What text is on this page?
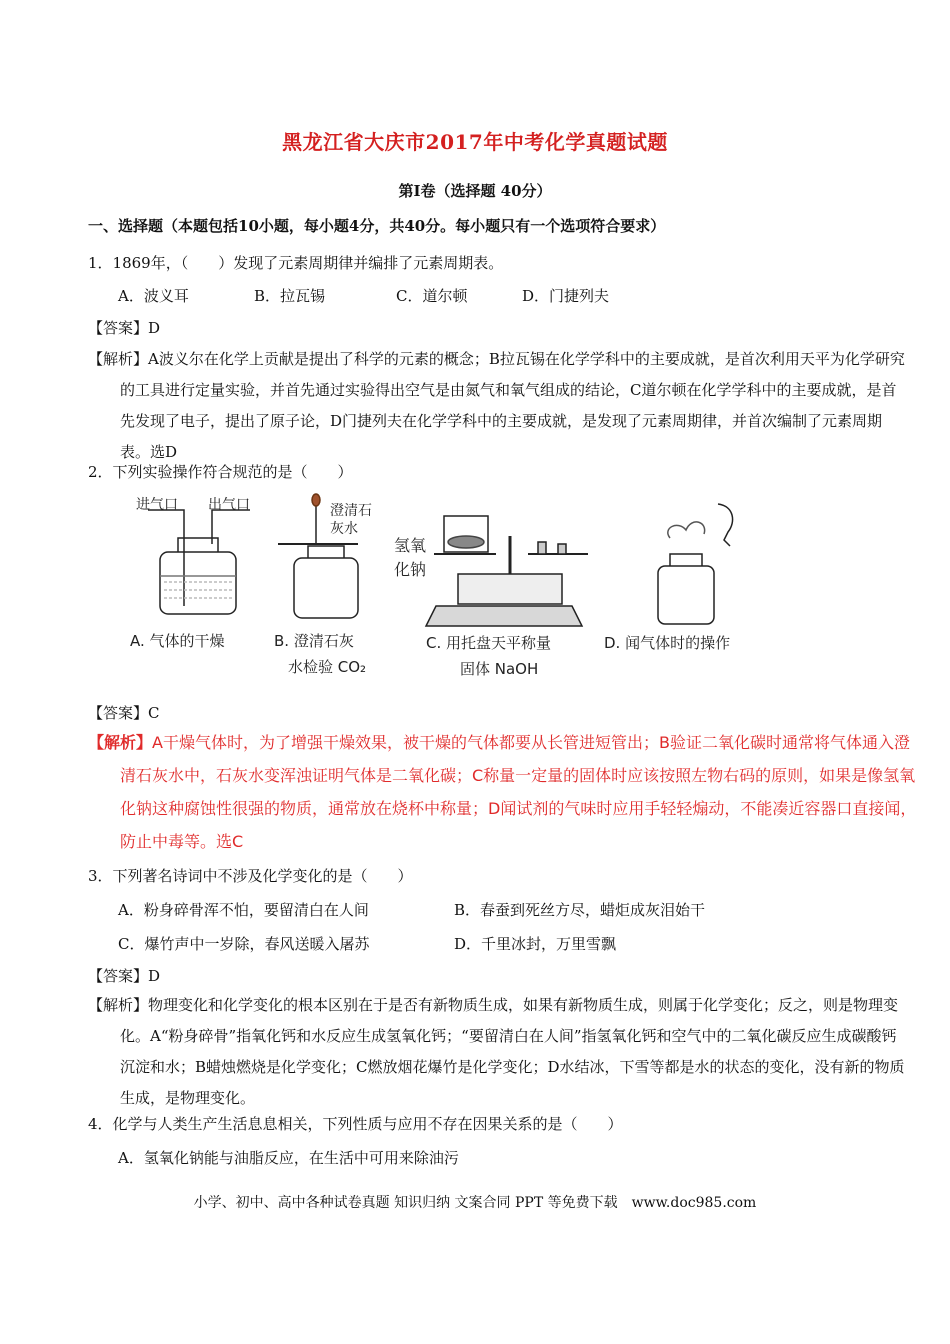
黑龙江省大庆市2017年中考化学真题试题
第Ⅰ卷（选择题 40分）
一、选择题（本题包括10小题，每小题4分，共40分。每小题只有一个选项符合要求）
1．1869年，（　　）发现了元素周期律并编排了元素周期表。
A．波义耳	B．拉瓦锡	C．道尔顿	D．门捷列夫
【答案】D
【解析】A波义尔在化学上贡献是提出了科学的元素的概念；B拉瓦锡在化学学科中的主要成就，是首次利用天平为化学研究的工具进行定量实验，并首先通过实验得出空气是由氮气和氧气组成的结论，C道尔顿在化学学科中的主要成就，是首先发现了电子，提出了原子论，D门捷列夫在化学学科中的主要成就，是发现了元素周期律，并首次编制了元素周期表。选D
2．下列实验操作符合规范的是（　　）
进气口 出气口	澄清石灰水
氢氧化钠
A. 气体的干燥	B. 澄清石灰
水检验 CO₂
C. 用托盘天平称量
固体 NaOH
D. 闻气体时的操作
【答案】C
【解析】A干燥气体时，为了增强干燥效果，被干燥的气体都要从长管进短管出；B验证二氧化碳时通常将气体通入澄清石灰水中，石灰水变浑浊证明气体是二氧化碳；C称量一定量的固体时应该按照左物右码的原则，如果是像氢氧化钠这种腐蚀性很强的物质，通常放在烧杯中称量；D闻试剂的气味时应用手轻轻煽动，不能凑近容器口直接闻，防止中毒等。选C
3．下列著名诗词中不涉及化学变化的是（　　）
A．粉身碎骨浑不怕，要留清白在人间	B．春蚕到死丝方尽，蜡炬成灰泪始干
C．爆竹声中一岁除，春风送暖入屠苏	D．千里冰封，万里雪飘
【答案】D
【解析】物理变化和化学变化的根本区别在于是否有新物质生成，如果有新物质生成，则属于化学变化；反之，则是物理变化。A“粉身碎骨”指氧化钙和水反应生成氢氧化钙；“要留清白在人间”指氢氧化钙和空气中的二氧化碳反应生成碳酸钙沉淀和水；B蜡烛燃烧是化学变化；C燃放烟花爆竹是化学变化；D水结冰，下雪等都是水的状态的变化，没有新的物质生成，是物理变化。
4．化学与人类生产生活息息相关，下列性质与应用不存在因果关系的是（　　）
A．氢氧化钠能与油脂反应，在生活中可用来除油污
小学、初中、高中各种试卷真题 知识归纳 文案合同 PPT 等免费下载　www.doc985.com
